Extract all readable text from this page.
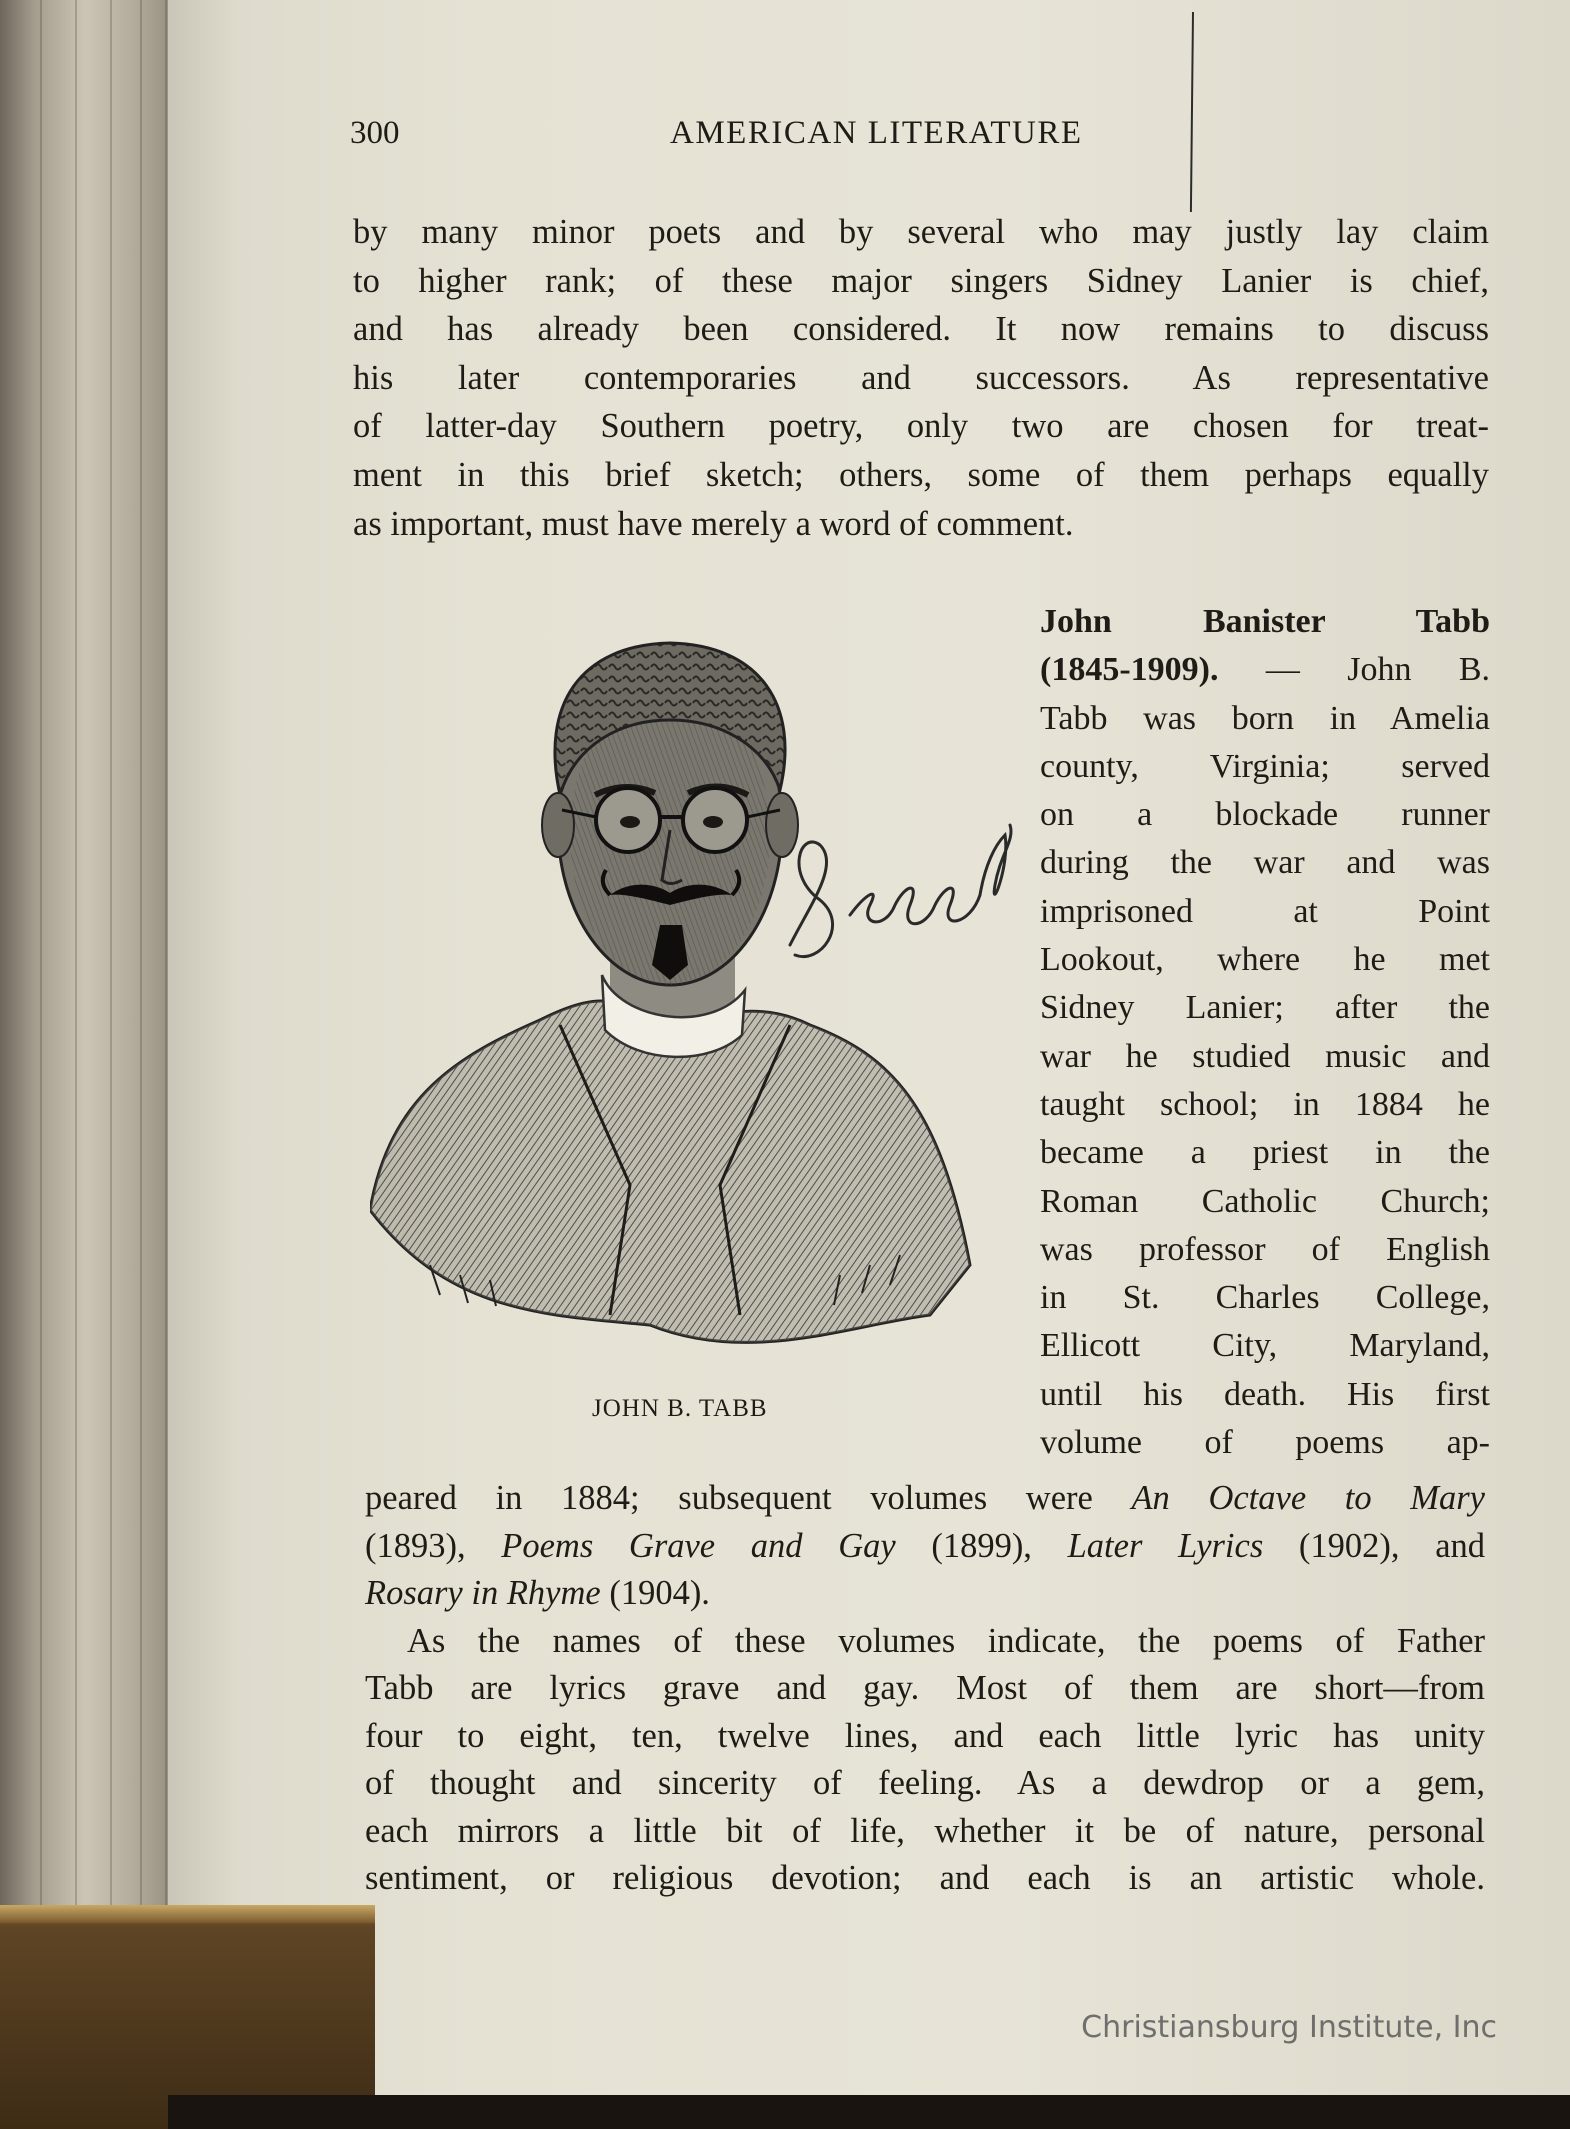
300	AMERICAN LITERATURE
by many minor poets and by several who may justly lay claim
to higher rank; of these major singers Sidney Lanier is chief,
and has already been considered. It now remains to discuss
his later contemporaries and successors. As representative
of latter-day Southern poetry, only two are chosen for treat-
ment in this brief sketch; others, some of them perhaps equally
as important, must have merely a word of comment.
JOHN B. TABB
John Banister Tabb
(1845-1909). — John B.
Tabb was born in Amelia
county, Virginia; served
on a blockade runner
during the war and was
imprisoned at Point
Lookout, where he met
Sidney Lanier; after the
war he studied music and
taught school; in 1884 he
became a priest in the
Roman Catholic Church;
was professor of English
in St. Charles College,
Ellicott City, Maryland,
until his death. His first
volume of poems ap-
peared in 1884; subsequent volumes were An Octave to Mary
(1893), Poems Grave and Gay (1899), Later Lyrics (1902), and
Rosary in Rhyme (1904).
As the names of these volumes indicate, the poems of Father
Tabb are lyrics grave and gay. Most of them are short—from
four to eight, ten, twelve lines, and each little lyric has unity
of thought and sincerity of feeling. As a dewdrop or a gem,
each mirrors a little bit of life, whether it be of nature, personal
sentiment, or religious devotion; and each is an artistic whole.
Christiansburg Institute, Inc
